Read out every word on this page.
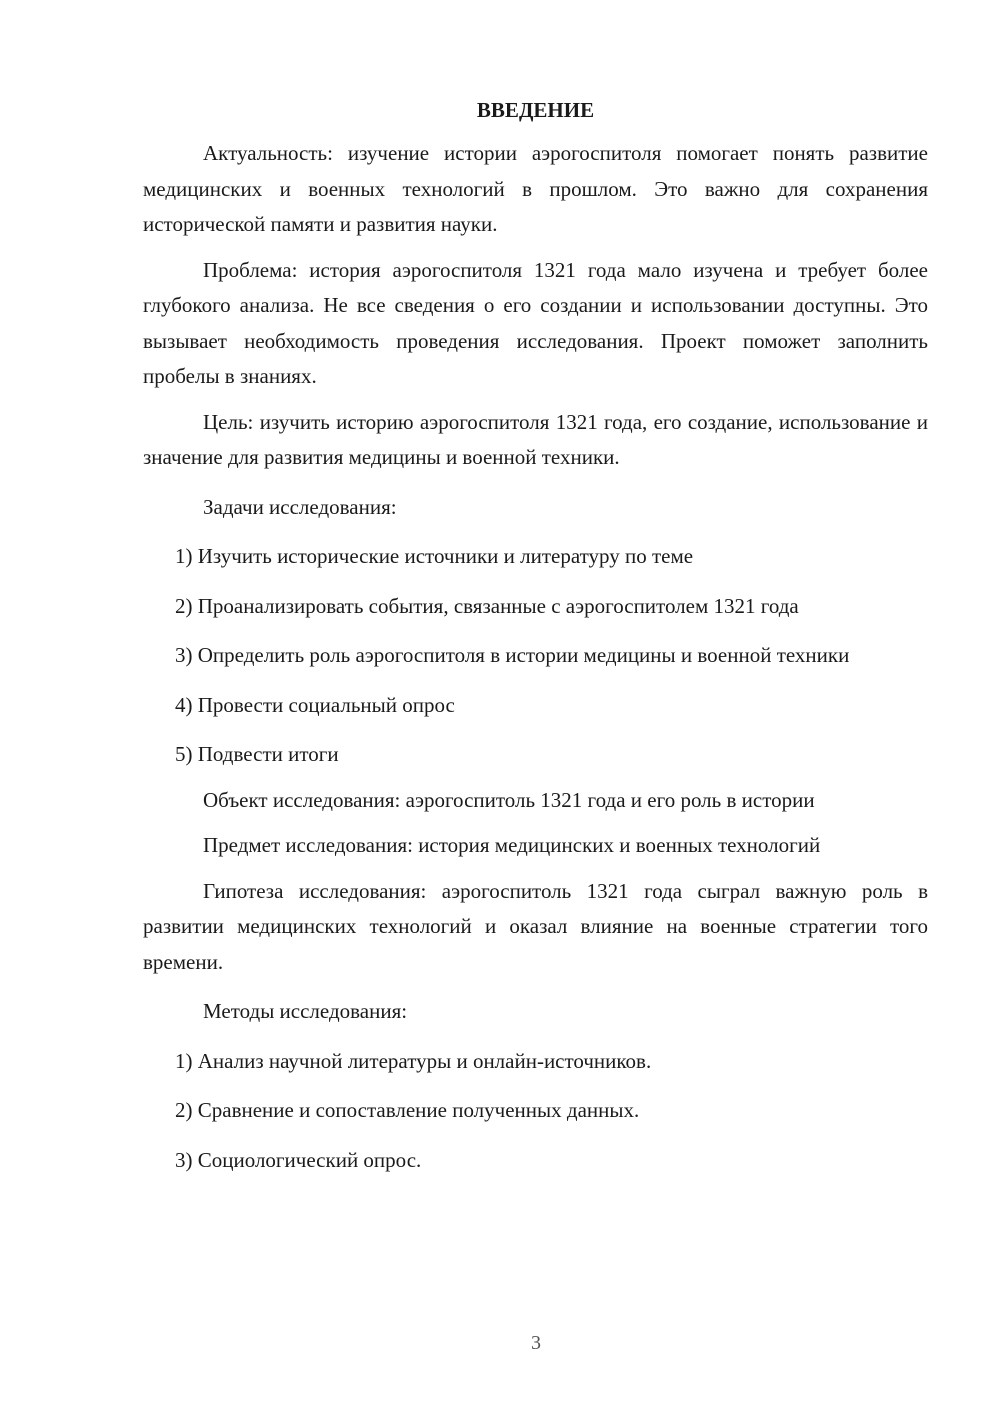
ВВЕДЕНИЕ

Актуальность: изучение истории аэрогоспитоля помогает понять развитие медицинских и военных технологий в прошлом. Это важно для сохранения исторической памяти и развития науки.

Проблема: история аэрогоспитоля 1321 года мало изучена и требует более глубокого анализа. Не все сведения о его создании и использовании доступны. Это вызывает необходимость проведения исследования. Проект поможет заполнить пробелы в знаниях.

Цель: изучить историю аэрогоспитоля 1321 года, его создание, использование и значение для развития медицины и военной техники.

Задачи исследования:

1) Изучить исторические источники и литературу по теме

2) Проанализировать события, связанные с аэрогоспитолем 1321 года

3) Определить роль аэрогоспитоля в истории медицины и военной техники

4) Провести социальный опрос

5) Подвести итоги

Объект исследования: аэрогоспитоль 1321 года и его роль в истории

Предмет исследования: история медицинских и военных технологий

Гипотеза исследования: аэрогоспитоль 1321 года сыграл важную роль в развитии медицинских технологий и оказал влияние на военные стратегии того времени.

Методы исследования:

1) Анализ научной литературы и онлайн-источников.

2) Сравнение и сопоставление полученных данных.

3) Социологический опрос.

3
